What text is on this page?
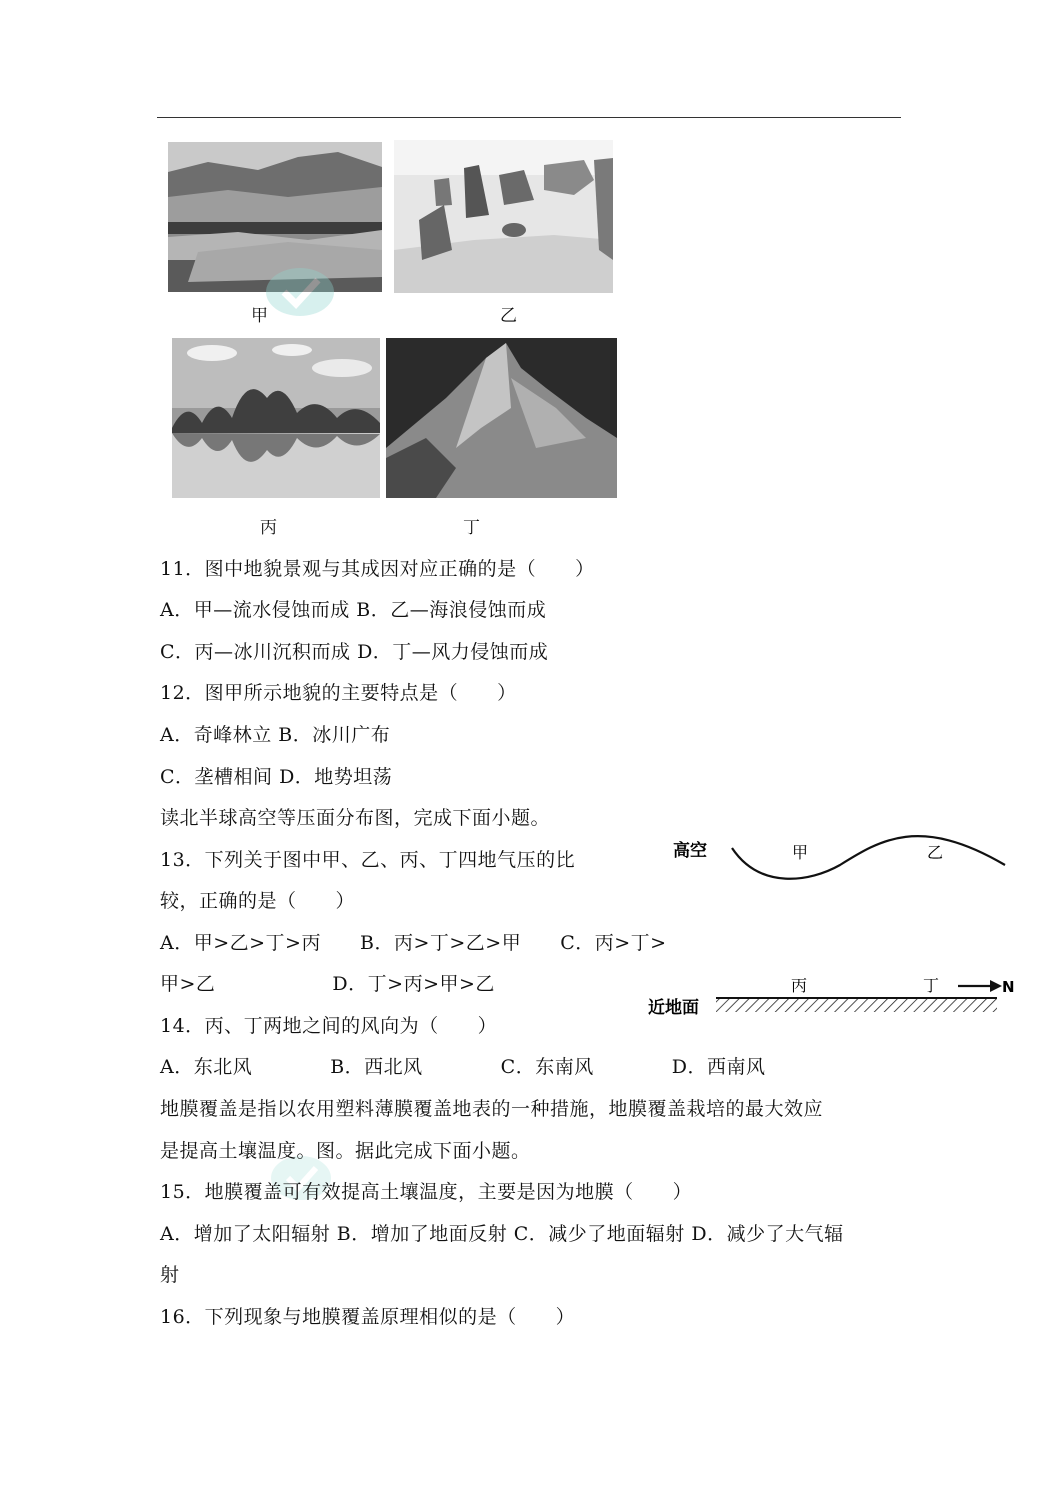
甲	乙
丙	丁
11．图中地貌景观与其成因对应正确的是（　　）
A．甲—流水侵蚀而成 B．乙—海浪侵蚀而成
C．丙—冰川沉积而成 D．丁—风力侵蚀而成
12．图甲所示地貌的主要特点是（　　）
A．奇峰林立 B．冰川广布
C．垄槽相间 D．地势坦荡
读北半球高空等压面分布图，完成下面小题。
13．下列关于图中甲、乙、丙、丁四地气压的比
较，正确的是（　　）
A．甲>乙>丁>丙　　B．丙>丁>乙>甲　　C．丙>丁>
甲>乙　　　　　　D．丁>丙>甲>乙
14．丙、丁两地之间的风向为（　　）
A．东北风　　　　B．西北风　　　　C．东南风　　　　D．西南风
高空	甲	乙
近地面
丙	丁	N
地膜覆盖是指以农用塑料薄膜覆盖地表的一种措施，地膜覆盖栽培的最大效应
是提高土壤温度。图。据此完成下面小题。
15．地膜覆盖可有效提高土壤温度，主要是因为地膜（　　）
A．增加了太阳辐射 B．增加了地面反射 C．减少了地面辐射 D．减少了大气辐
射
16．下列现象与地膜覆盖原理相似的是（　　）
